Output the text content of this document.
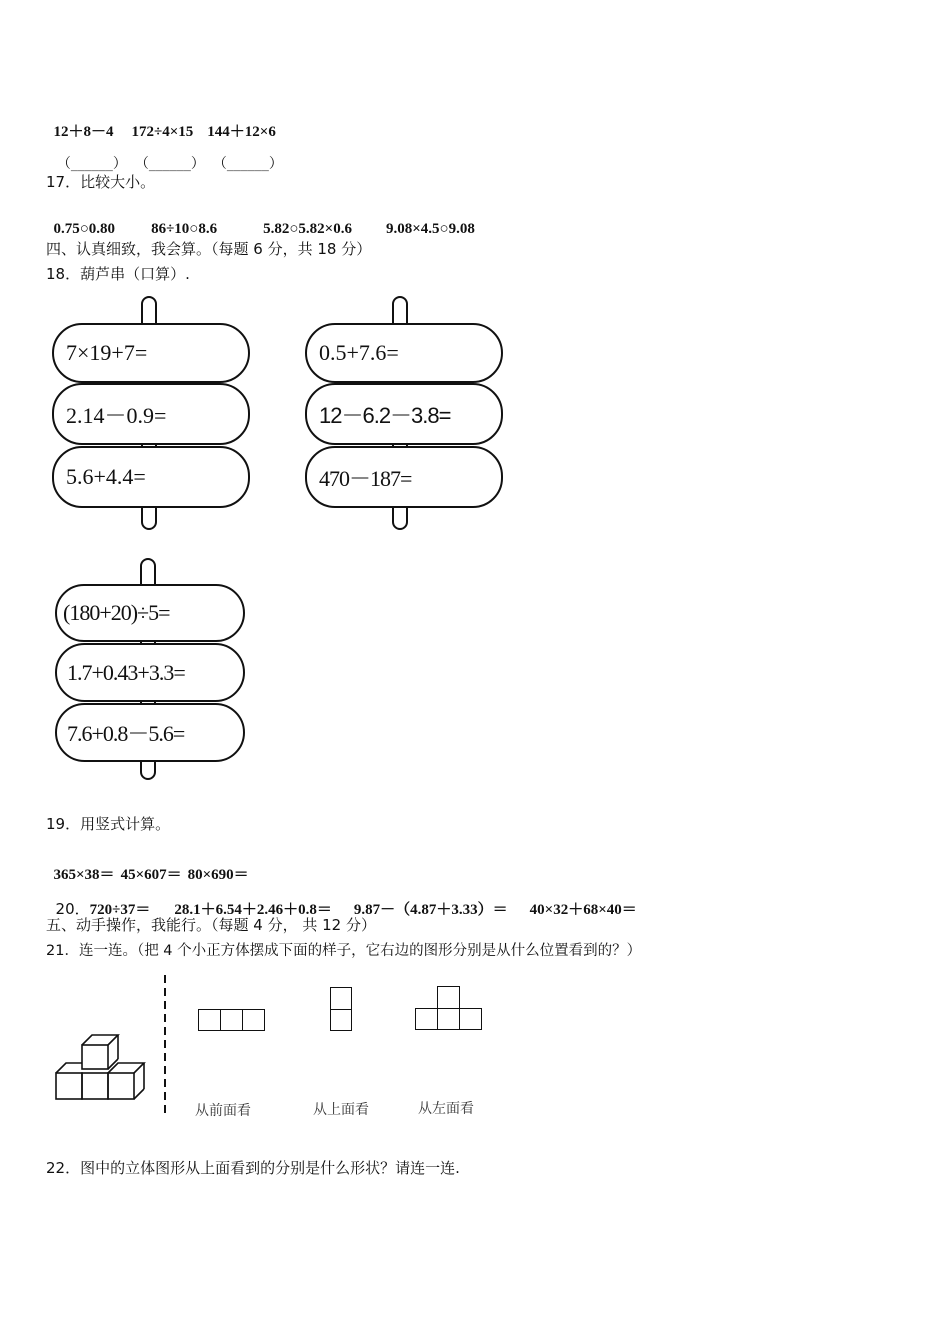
12＋8－4 172÷4×15 144＋12×6

（______） （______） （______）

17．比较大小。

0.75○0.80 86÷10○8.6	5.82○5.82×0.6 9.08×4.5○9.08

四、认真细致，我会算。（每题 6 分，共 18 分）
18．葫芦串（口算）.
7×19+7=
2.14－0.9=
5.6+4.4=
0.5+7.6=
12－6.2－3.8=
470－187=
(180+20)÷5=
1.7+0.43+3.3=
7.6+0.8－5.6=
19．用竖式计算。

365×38＝ 45×607＝ 80×690＝

20．720÷37＝ 28.1＋6.54＋2.46＋0.8＝ 9.87－（4.87＋3.33）＝ 40×32＋68×40＝

五、动手操作，我能行。（每题 4 分， 共 12 分）
21．连一连。（把 4 个小正方体摆成下面的样子，它右边的图形分别是从什么位置看到的？）
从前面看	从上面看	从左面看
22．图中的立体图形从上面看到的分别是什么形状？请连一连.
